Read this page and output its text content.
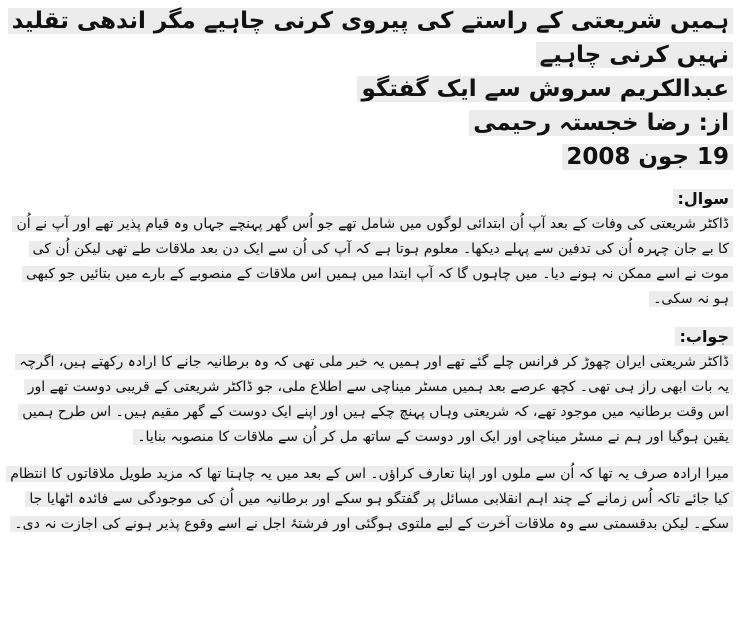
ہمیں شریعتی کے راستے کی پیروی کرنی چاہیے مگر اندھی تقلید نہیں کرنی چاہیے
عبدالکریم سروش سے ایک گفتگو
از: رضا خجستہ رحیمی
19 جون 2008
سوال:

ڈاکٹر شریعتی کی وفات کے بعد آپ اُن ابتدائی لوگوں میں شامل تھے جو اُس گھر پہنچے جہاں وہ قیام پذیر تھے اور آپ نے اُن کا بے جان چہرہ اُن کی تدفین سے پہلے دیکھا۔ معلوم ہوتا ہے کہ آپ کی اُن سے ایک دن بعد ملاقات طے تھی لیکن اُن کی موت نے اسے ممکن نہ ہونے دیا۔ میں چاہوں گا کہ آپ ابتدا میں ہمیں اس ملاقات کے منصوبے کے بارے میں بتائیں جو کبھی ہو نہ سکی۔

جواب:

ڈاکٹر شریعتی ایران چھوڑ کر فرانس چلے گئے تھے اور ہمیں یہ خبر ملی تھی کہ وہ برطانیہ جانے کا ارادہ رکھتے ہیں، اگرچہ یہ بات ابھی راز ہی تھی۔ کچھ عرصے بعد ہمیں مسٹر میناچی سے اطلاع ملی، جو ڈاکٹر شریعتی کے قریبی دوست تھے اور اس وقت برطانیہ میں موجود تھے، کہ شریعتی وہاں پہنچ چکے ہیں اور اپنے ایک دوست کے گھر مقیم ہیں۔ اس طرح ہمیں یقین ہوگیا اور ہم نے مسٹر میناچی اور ایک اور دوست کے ساتھ مل کر اُن سے ملاقات کا منصوبہ بنایا۔

میرا ارادہ صرف یہ تھا کہ اُن سے ملوں اور اپنا تعارف کراؤں۔ اس کے بعد میں یہ چاہتا تھا کہ مزید طویل ملاقاتوں کا انتظام کیا جائے تاکہ اُس زمانے کے چند اہم انقلابی مسائل پر گفتگو ہو سکے اور برطانیہ میں اُن کی موجودگی سے فائدہ اٹھایا جا سکے۔ لیکن بدقسمتی سے وہ ملاقات آخرت کے لیے ملتوی ہوگئی اور فرشتۂ اجل نے اسے وقوع پذیر ہونے کی اجازت نہ دی۔
